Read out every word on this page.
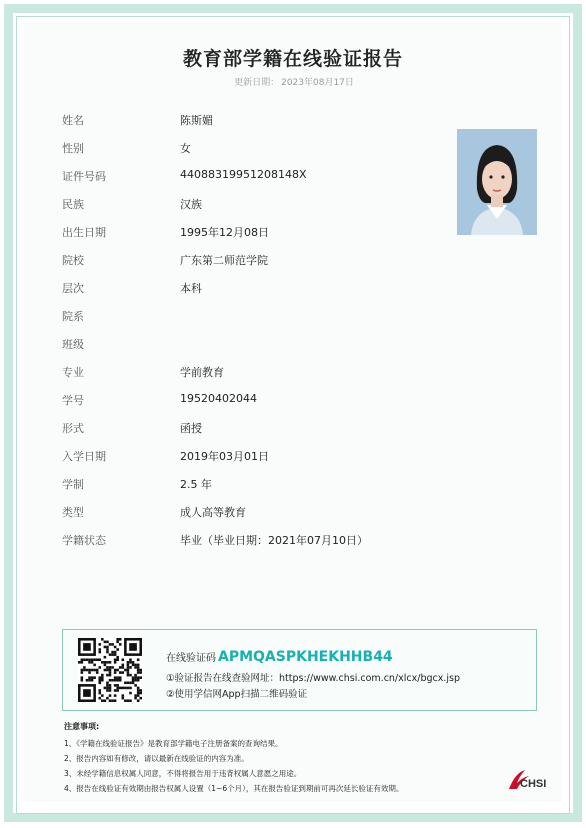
教育部学籍在线验证报告
更新日期： 2023年08月17日
姓名	陈斯媚
性别	女
证件号码	44088319951208148X
民族	汉族
出生日期	1995年12月08日
院校	广东第二师范学院
层次	本科
院系
班级
专业	学前教育
学号	19520402044
形式	函授
入学日期	2019年03月01日
学制	2.5 年
类型	成人高等教育
学籍状态	毕业（毕业日期：2021年07月10日）
在线验证码 APMQASPKHEKHHB44
①验证报告在线查验网址：https://www.chsi.com.cn/xlcx/bgcx.jsp
②使用学信网App扫描二维码验证
注意事项:
1、《学籍在线验证报告》是教育部学籍电子注册备案的查询结果。
2、报告内容如有修改，请以最新在线验证的内容为准。
3、未经学籍信息权属人同意，不得将报告用于违背权属人意愿之用途。
4、报告在线验证有效期由报告权属人设置（1~6个月），其在报告验证到期前可再次延长验证有效期。	CHSI
